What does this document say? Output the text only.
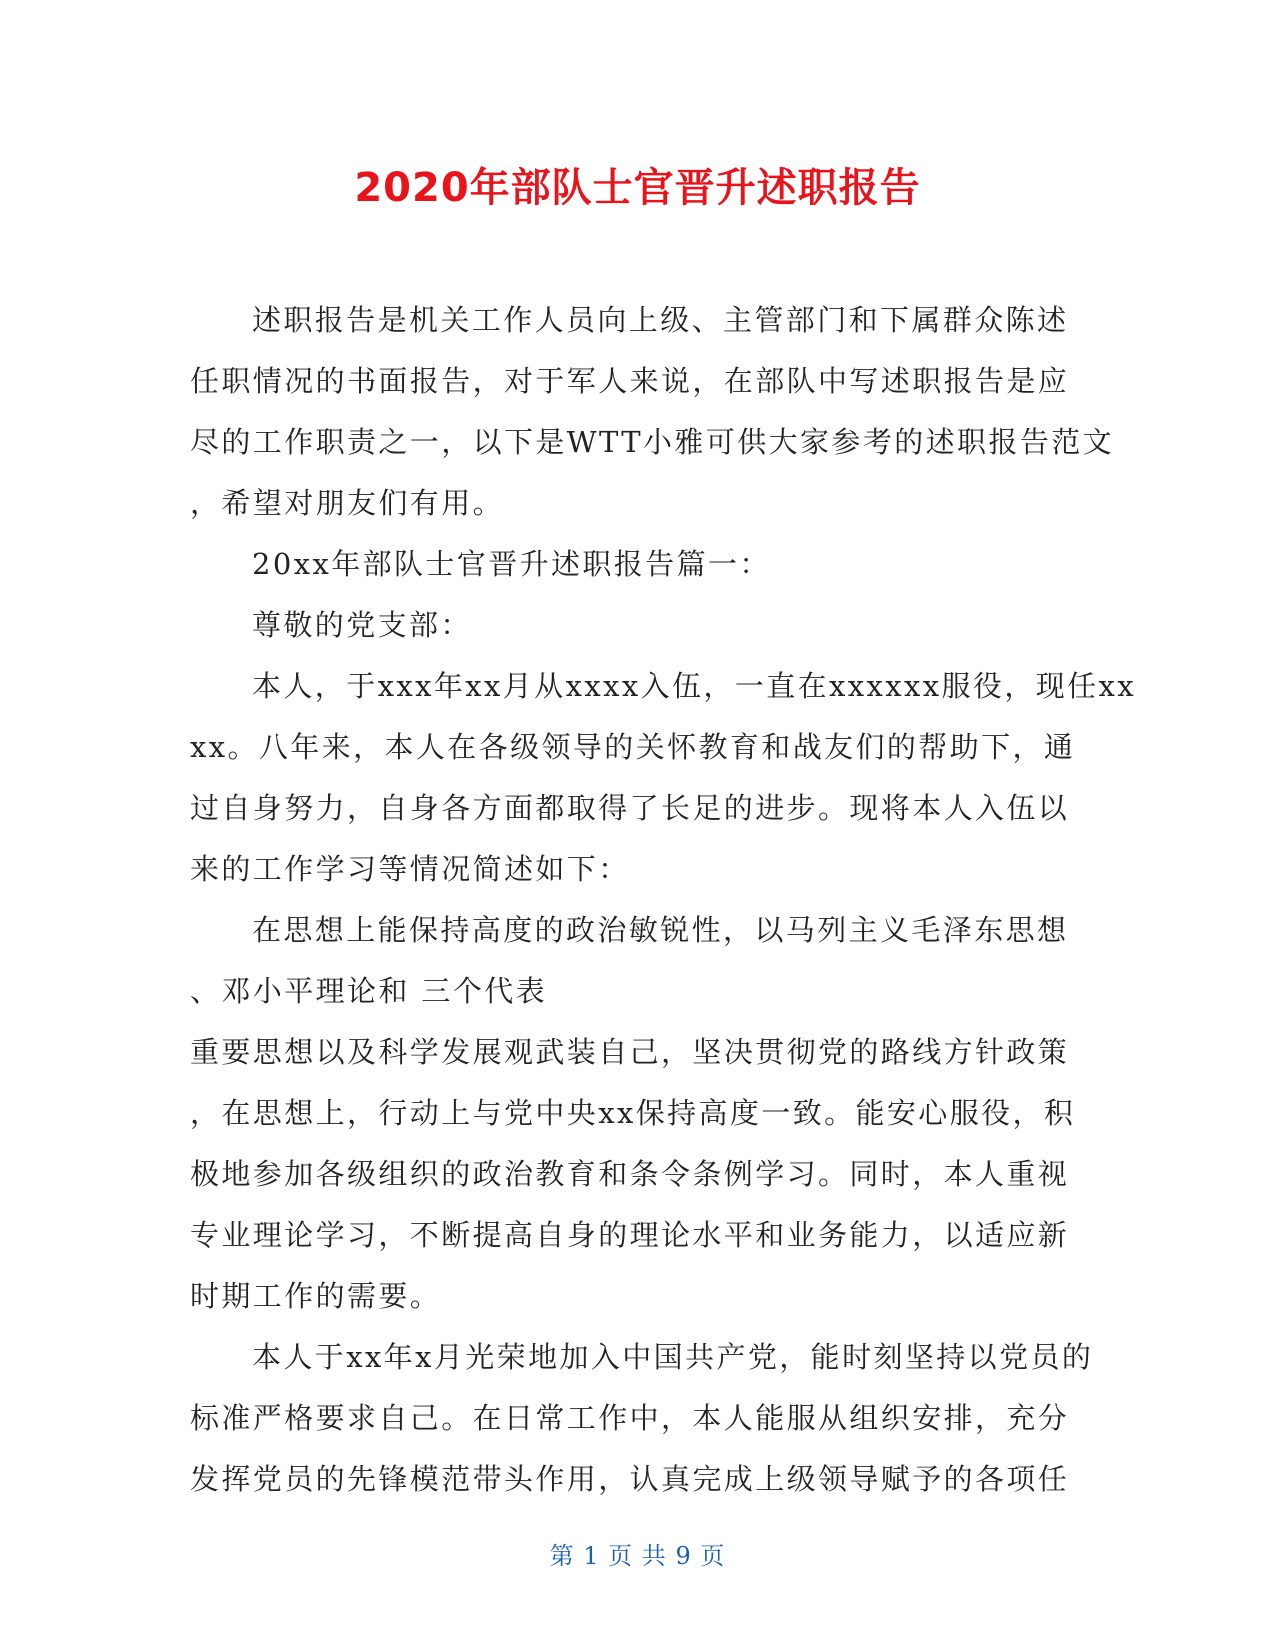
2020年部队士官晋升述职报告

述职报告是机关工作人员向上级、主管部门和下属群众陈述

任职情况的书面报告，对于军人来说，在部队中写述职报告是应

尽的工作职责之一，以下是WTT小雅可供大家参考的述职报告范文

，希望对朋友们有用。

20xx年部队士官晋升述职报告篇一：

尊敬的党支部：

本人，于xxx年xx月从xxxx入伍，一直在xxxxxx服役，现任xx

xx。八年来，本人在各级领导的关怀教育和战友们的帮助下，通

过自身努力，自身各方面都取得了长足的进步。现将本人入伍以

来的工作学习等情况简述如下：

在思想上能保持高度的政治敏锐性，以马列主义毛泽东思想

、邓小平理论和 三个代表

重要思想以及科学发展观武装自己，坚决贯彻党的路线方针政策

，在思想上，行动上与党中央xx保持高度一致。能安心服役，积

极地参加各级组织的政治教育和条令条例学习。同时，本人重视

专业理论学习，不断提高自身的理论水平和业务能力，以适应新

时期工作的需要。

本人于xx年x月光荣地加入中国共产党，能时刻坚持以党员的

标准严格要求自己。在日常工作中，本人能服从组织安排，充分

发挥党员的先锋模范带头作用，认真完成上级领导赋予的各项任

第 1 页 共 9 页
